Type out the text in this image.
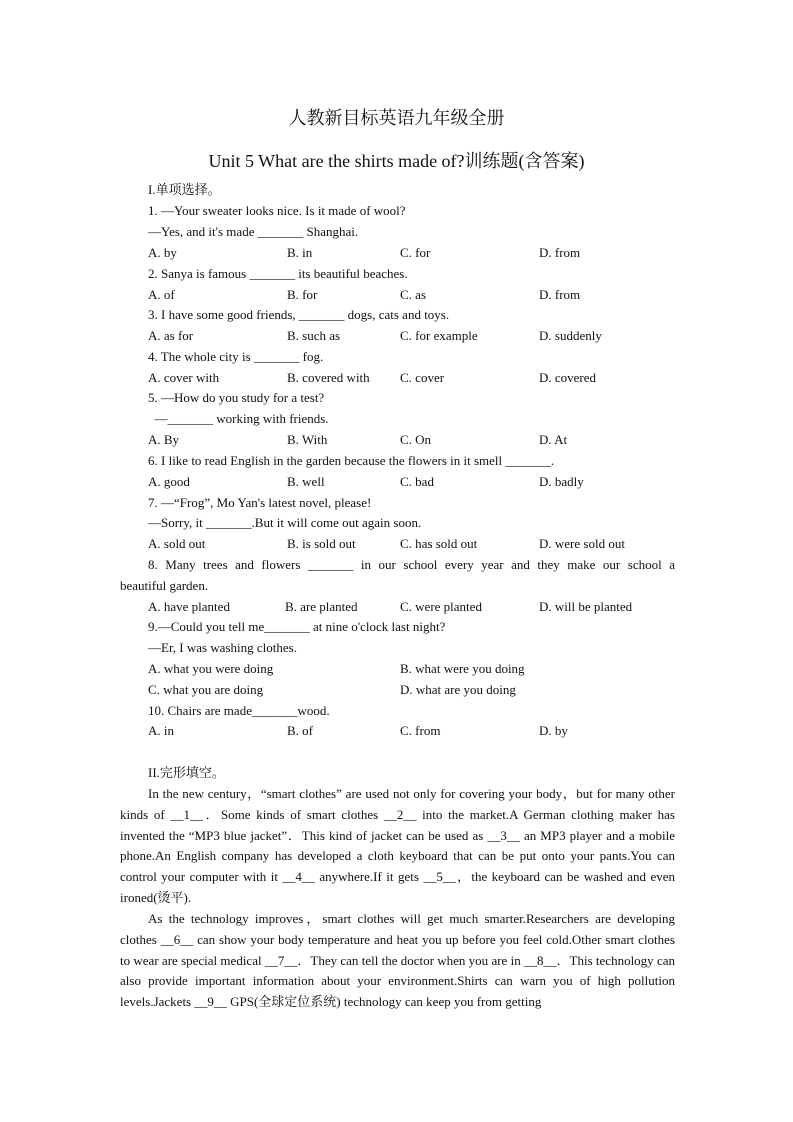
人教新目标英语九年级全册
Unit 5 What are the shirts made of?训练题(含答案)
I.单项选择。
1. —Your sweater looks nice. Is it made of wool?
—Yes, and it's made _______ Shanghai.
A. by	B. in	C. for	D. from
2. Sanya is famous _______ its beautiful beaches.
A. of	B. for	C. as	D. from
3. I have some good friends, _______ dogs, cats and toys.
A. as for	B. such as	C. for example	D. suddenly
4. The whole city is _______ fog.
A. cover with	B. covered with C. cover	D. covered
5. —How do you study for a test?
—_______ working with friends.
A. By	B. With	C. On	D. At
6. I like to read English in the garden because the flowers in it smell _______.
A. good	B. well	C. bad	D. badly
7. —“Frog”, Mo Yan's latest novel, please!
—Sorry, it _______.But it will come out again soon.
A. sold out	B. is sold out	C. has sold out	D. were sold out
8. Many trees and flowers _______ in our school every year and they make our school a
beautiful garden.
A. have planted	B. are planted	C. were planted	D. will be planted
9.—Could you tell me_______ at nine o'clock last night?
—Er, I was washing clothes.
A. what you were doing	B. what were you doing
C. what you are doing	D. what are you doing
10. Chairs are made_______wood.
A. in	B. of	C. from	D. by
II.完形填空。
In the new century，“smart clothes” are used not only for covering your body，but for many other kinds of __1__．Some kinds of smart clothes __2__ into the market.A German clothing maker has invented the “MP3 blue jacket”．This kind of jacket can be used as __3__ an MP3 player and a mobile phone.An English company has developed a cloth keyboard that can be put onto your pants.You can control your computer with it __4__ anywhere.If it gets __5__，the keyboard can be washed and even ironed(烫平).
As the technology improves，smart clothes will get much smarter.Researchers are developing clothes __6__ can show your body temperature and heat you up before you feel cold.Other smart clothes to wear are special medical __7__．They can tell the doctor when you are in __8__．This technology can also provide important information about your environment.Shirts can warn you of high pollution levels.Jackets __9__ GPS(全球定位系统) technology can keep you from getting
